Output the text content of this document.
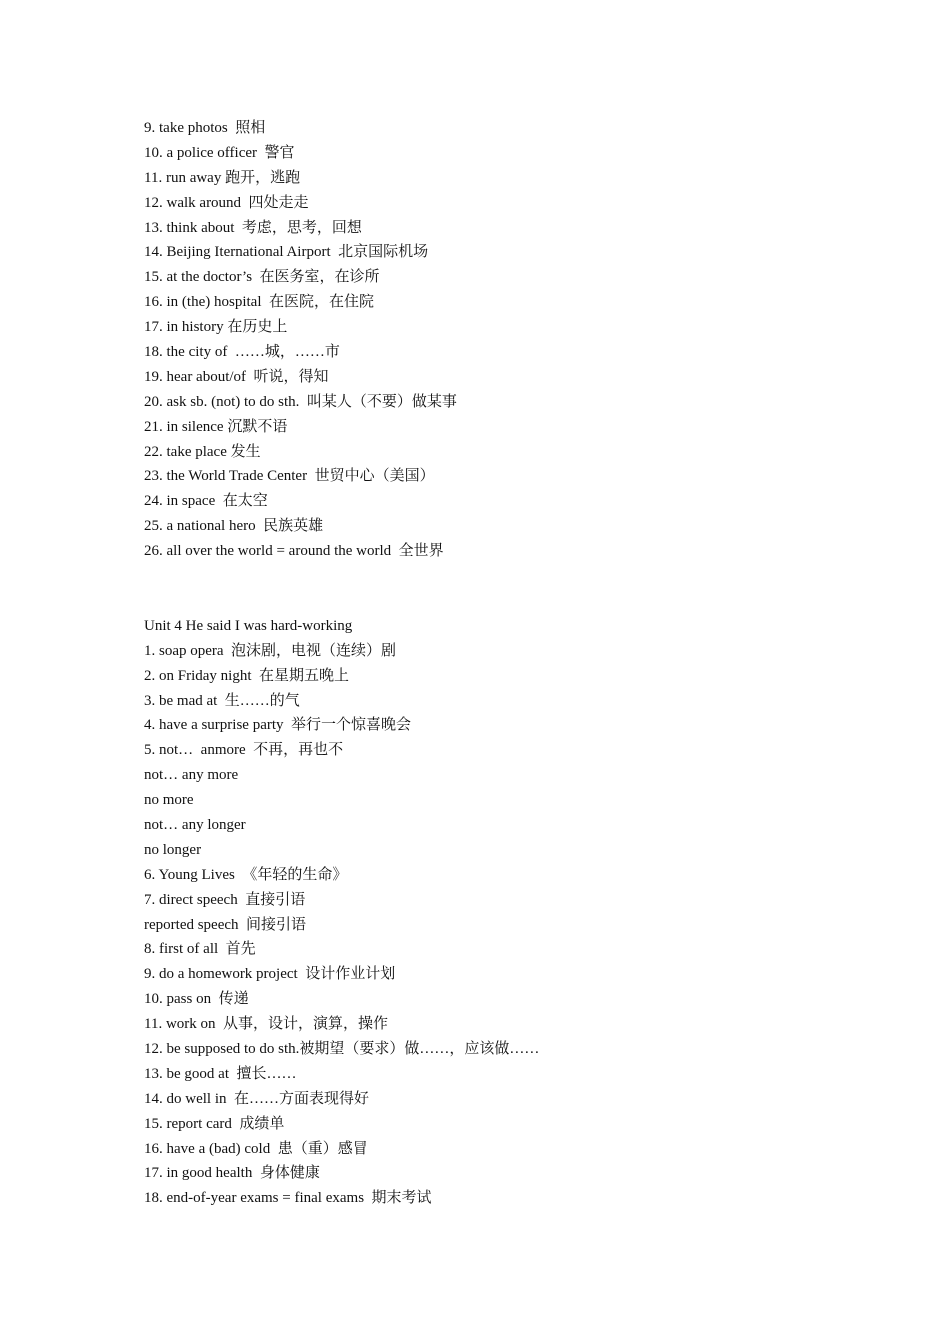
9. take photos  照相
10. a police officer  警官
11. run away 跑开，逃跑
12. walk around  四处走走
13. think about  考虑，思考，回想
14. Beijing Iternational Airport  北京国际机场
15. at the doctor’s  在医务室，在诊所
16. in (the) hospital  在医院，在住院
17. in history 在历史上
18. the city of  ……城，……市
19. hear about/of  听说，得知
20. ask sb. (not) to do sth.  叫某人（不要）做某事
21. in silence 沉默不语
22. take place 发生
23. the World Trade Center  世贸中心（美国）
24. in space  在太空
25. a national hero  民族英雄
26. all over the world = around the world  全世界
Unit 4 He said I was hard-working
1. soap opera  泡沫剧，电视（连续）剧
2. on Friday night  在星期五晚上
3. be mad at  生……的气
4. have a surprise party  举行一个惊喜晚会
5. not…  anmore  不再，再也不
not… any more
no more
not… any longer
no longer
6. Young Lives  《年轻的生命》
7. direct speech  直接引语
reported speech  间接引语
8. first of all  首先
9. do a homework project  设计作业计划
10. pass on  传递
11. work on  从事，设计，演算，操作
12. be supposed to do sth.被期望（要求）做……，应该做……
13. be good at  擅长……
14. do well in  在……方面表现得好
15. report card  成绩单
16. have a (bad) cold  患（重）感冒
17. in good health  身体健康
18. end-of-year exams = final exams  期末考试
